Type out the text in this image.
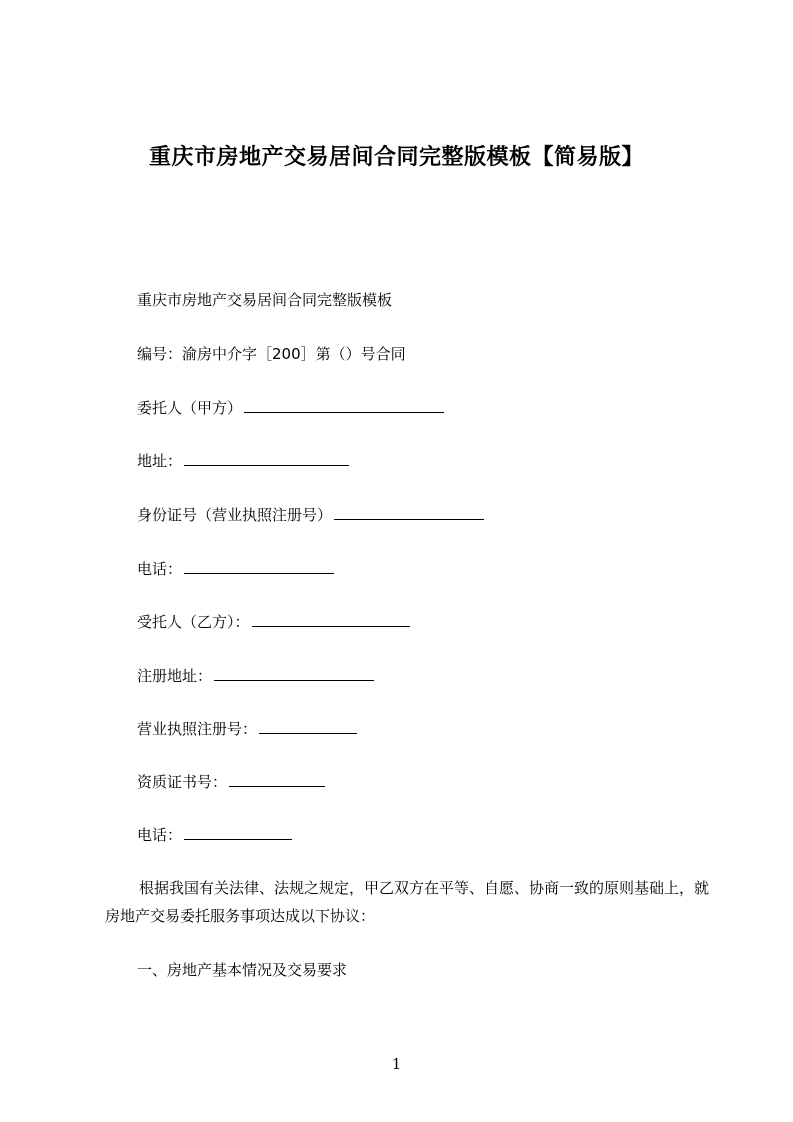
重庆市房地产交易居间合同完整版模板【简易版】
重庆市房地产交易居间合同完整版模板
编号：渝房中介字［200］第（）号合同
委托人（甲方）
地址：
身份证号（营业执照注册号）
电话：
受托人（乙方）：
注册地址：
营业执照注册号：
资质证书号：
电话：
根据我国有关法律、法规之规定，甲乙双方在平等、自愿、协商一致的原则基础上，就房地产交易委托服务事项达成以下协议：
一、房地产基本情况及交易要求
1
